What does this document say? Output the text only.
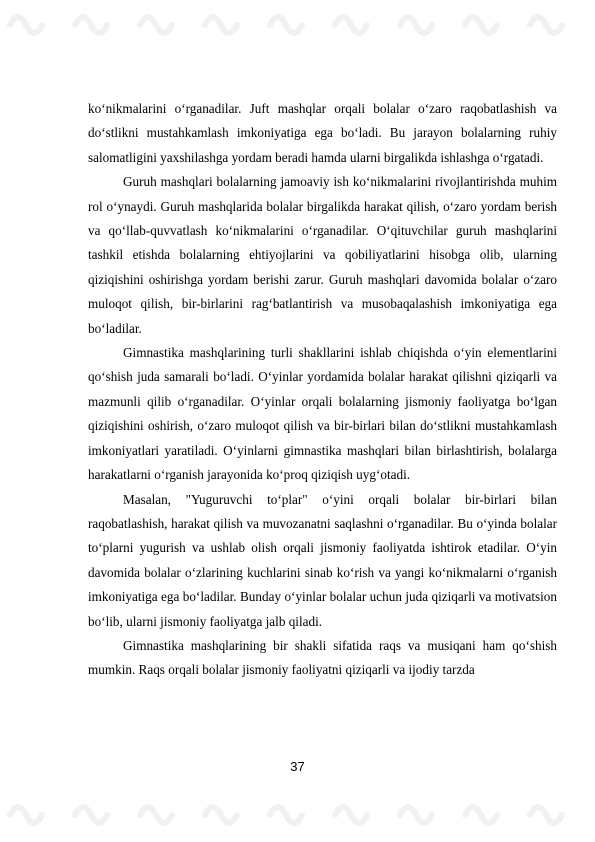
ko‘nikmalarini o‘rganadilar. Juft mashqlar orqali bolalar o‘zaro raqobatlashish va do‘stlikni mustahkamlash imkoniyatiga ega bo‘ladi. Bu jarayon bolalarning ruhiy salomatligini yaxshilashga yordam beradi hamda ularni birgalikda ishlashga o‘rgatadi.

Guruh mashqlari bolalarning jamoaviy ish ko‘nikmalarini rivojlantirishda muhim rol o‘ynaydi. Guruh mashqlarida bolalar birgalikda harakat qilish, o‘zaro yordam berish va qo‘llab-quvvatlash ko‘nikmalarini o‘rganadilar. O‘qituvchilar guruh mashqlarini tashkil etishda bolalarning ehtiyojlarini va qobiliyatlarini hisobga olib, ularning qiziqishini oshirishga yordam berishi zarur. Guruh mashqlari davomida bolalar o‘zaro muloqot qilish, bir-birlarini rag‘batlantirish va musobaqalashish imkoniyatiga ega bo‘ladilar.

Gimnastika mashqlarining turli shakllarini ishlab chiqishda o‘yin elementlarini qo‘shish juda samarali bo‘ladi. O‘yinlar yordamida bolalar harakat qilishni qiziqarli va mazmunli qilib o‘rganadilar. O‘yinlar orqali bolalarning jismoniy faoliyatga bo‘lgan qiziqishini oshirish, o‘zaro muloqot qilish va bir-birlari bilan do‘stlikni mustahkamlash imkoniyatlari yaratiladi. O‘yinlarni gimnastika mashqlari bilan birlashtirish, bolalarga harakatlarni o‘rganish jarayonida ko‘proq qiziqish uyg‘otadi.

Masalan, "Yuguruvchi to‘plar" o‘yini orqali bolalar bir-birlari bilan raqobatlashish, harakat qilish va muvozanatni saqlashni o‘rganadilar. Bu o‘yinda bolalar to‘plarni yugurish va ushlab olish orqali jismoniy faoliyatda ishtirok etadilar. O‘yin davomida bolalar o‘zlarining kuchlarini sinab ko‘rish va yangi ko‘nikmalarni o‘rganish imkoniyatiga ega bo‘ladilar. Bunday o‘yinlar bolalar uchun juda qiziqarli va motivatsion bo‘lib, ularni jismoniy faoliyatga jalb qiladi.

Gimnastika mashqlarining bir shakli sifatida raqs va musiqani ham qo‘shish mumkin. Raqs orqali bolalar jismoniy faoliyatni qiziqarli va ijodiy tarzda

37
